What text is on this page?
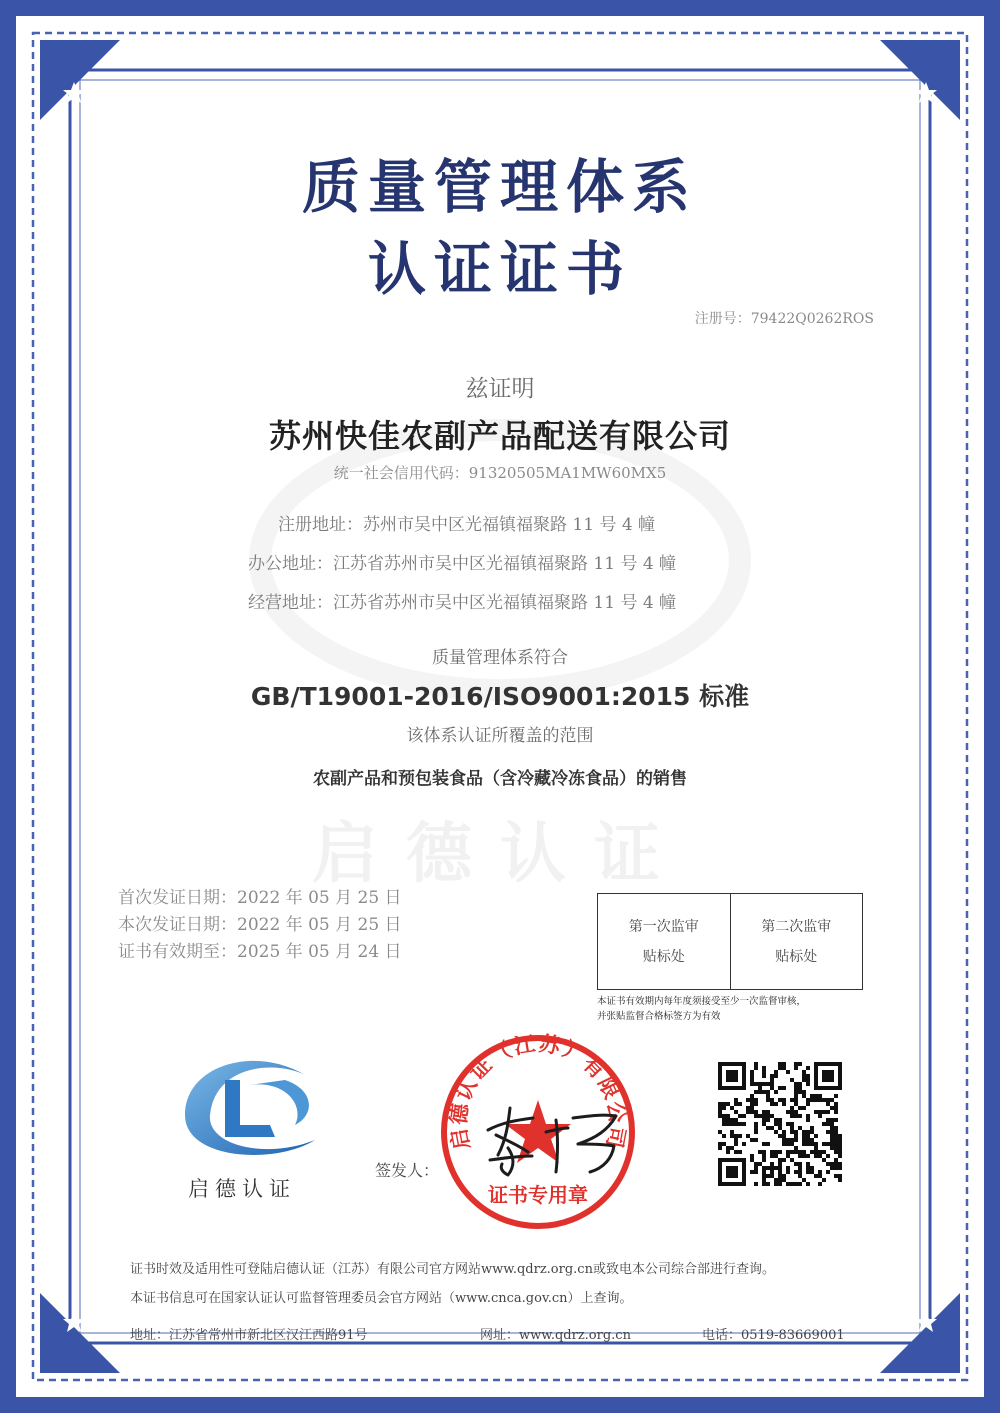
质量管理体系
认证证书
注册号：79422Q0262ROS
兹证明
苏州快佳农副产品配送有限公司
统一社会信用代码：91320505MA1MW60MX5
注册地址：苏州市吴中区光福镇福聚路 11 号 4 幢
办公地址：江苏省苏州市吴中区光福镇福聚路 11 号 4 幢
经营地址：江苏省苏州市吴中区光福镇福聚路 11 号 4 幢
质量管理体系符合
GB/T19001-2016/ISO9001:2015 标准
该体系认证所覆盖的范围
农副产品和预包装食品（含冷藏冷冻食品）的销售
启德认证
首次发证日期：2022 年 05 月 25 日
本次发证日期：2022 年 05 月 25 日
证书有效期至：2025 年 05 月 24 日
第一次监审
贴标处
第二次监审
贴标处
本证书有效期内每年度须接受至少一次监督审核，
并张贴监督合格标签方为有效
启德认证
签发人：
启德认证（江苏）有限公司
证书专用章
证书时效及适用性可登陆启德认证（江苏）有限公司官方网站www.qdrz.org.cn或致电本公司综合部进行查询。
本证书信息可在国家认证认可监督管理委员会官方网站（www.cnca.gov.cn）上查询。
地址：江苏省常州市新北区汉江西路91号	网址：www.qdrz.org.cn	电话：0519-83669001
